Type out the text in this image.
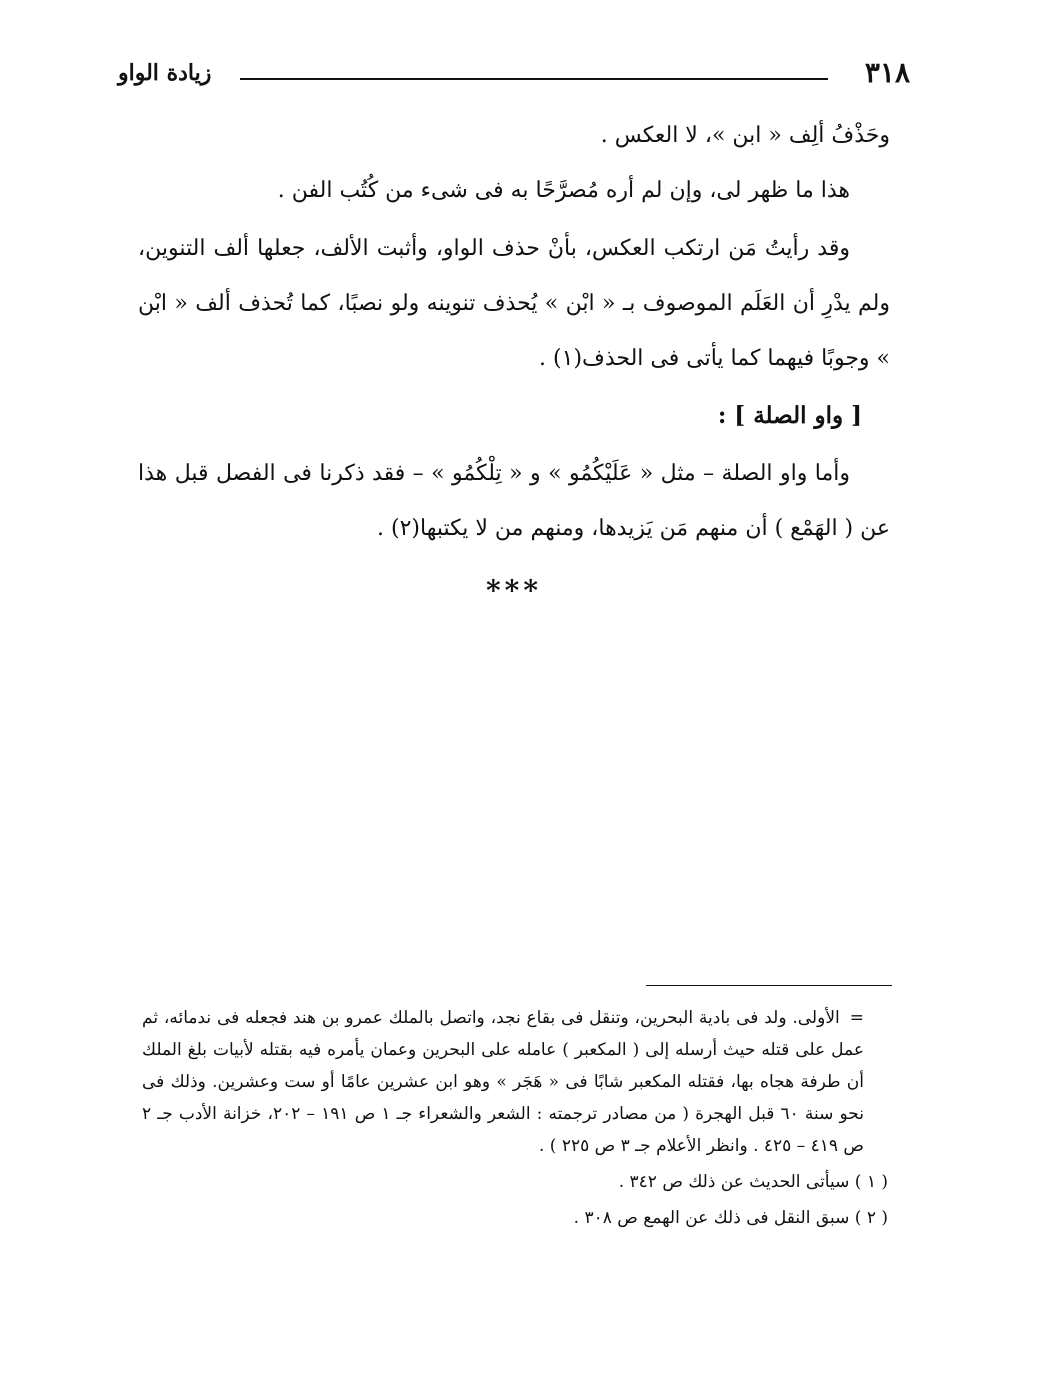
٣١٨
زيادة الواو

وحَذْفُ ألِف « ابن »، لا العكس .

هذا ما ظهر لى، وإن لم أره مُصرَّحًا به فى شىء من كُتُب الفن .

وقد رأيتُ مَن ارتكب العكس، بأنْ حذف الواو، وأثبت الألف، جعلها ألف التنوين، ولم يدْرِ أن العَلَم الموصوف بـ « ابْن » يُحذف تنوينه ولو نصبًا، كما تُحذف ألف « ابْن » وجوبًا فيهما كما يأتى فى الحذف(١) .

[ واو الصلة ] :

وأما واو الصلة – مثل « عَلَيْكُمُو » و « تِلْكُمُو » – فقد ذكرنا فى الفصل قبل هذا عن ( الهَمْع ) أن منهم مَن يَزيدها، ومنهم من لا يكتبها(٢) .

***

=الأولى. ولد فى بادية البحرين، وتنقل فى بقاع نجد، واتصل بالملك عمرو بن هند فجعله فى ندمائه، ثم عمل على قتله حيث أرسله إلى ( المكعبر ) عامله على البحرين وعمان يأمره فيه بقتله لأبيات بلغ الملك أن طرفة هجاه بها، فقتله المكعبر شابًا فى « هَجَر » وهو ابن عشرين عامًا أو ست وعشرين. وذلك فى نحو سنة ٦٠ قبل الهجرة ( من مصادر ترجمته : الشعر والشعراء جـ ١ ص ١٩١ – ٢٠٢، خزانة الأدب جـ ٢ ص ٤١٩ – ٤٢٥ . وانظر الأعلام جـ ٣ ص ٢٢٥ ) .

( ١ ) سيأتى الحديث عن ذلك ص ٣٤٢ .

( ٢ ) سبق النقل فى ذلك عن الهمع ص ٣٠٨ .
